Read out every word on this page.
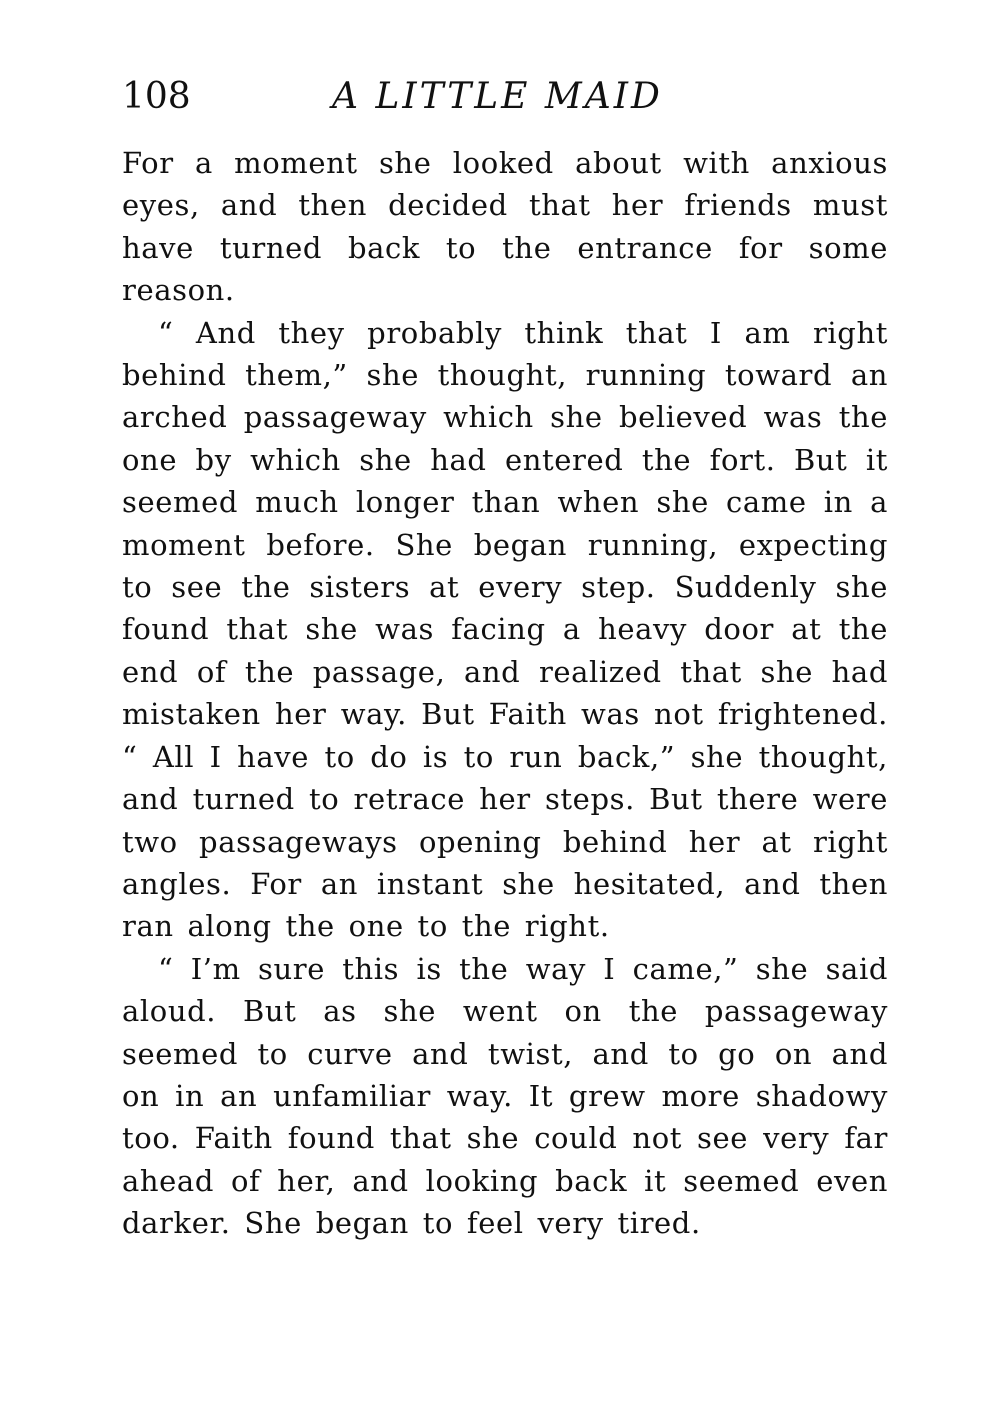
108	A LITTLE MAID

For a moment she looked about with anxious eyes, and then decided that her friends must have turned back to the entrance for some reason.

“ And they probably think that I am right behind them,” she thought, running toward an arched passageway which she believed was the one by which she had entered the fort. But it seemed much longer than when she came in a moment before. She began running, expecting to see the sisters at every step. Suddenly she found that she was facing a heavy door at the end of the passage, and realized that she had mistaken her way. But Faith was not frightened. “ All I have to do is to run back,” she thought, and turned to retrace her steps. But there were two passageways opening behind her at right angles. For an instant she hesitated, and then ran along the one to the right.

“ I’m sure this is the way I came,” she said aloud. But as she went on the passageway seemed to curve and twist, and to go on and on in an unfamiliar way. It grew more shadowy too. Faith found that she could not see very far ahead of her, and looking back it seemed even darker. She began to feel very tired.
